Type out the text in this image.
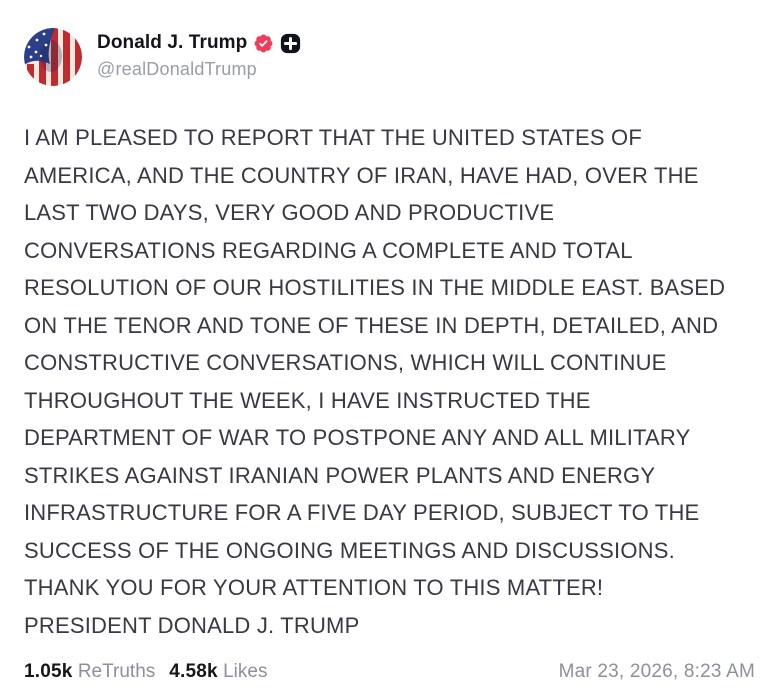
Donald J. Trump
@realDonaldTrump
I AM PLEASED TO REPORT THAT THE UNITED STATES OF
AMERICA, AND THE COUNTRY OF IRAN, HAVE HAD, OVER THE
LAST TWO DAYS, VERY GOOD AND PRODUCTIVE
CONVERSATIONS REGARDING A COMPLETE AND TOTAL
RESOLUTION OF OUR HOSTILITIES IN THE MIDDLE EAST. BASED
ON THE TENOR AND TONE OF THESE IN DEPTH, DETAILED, AND
CONSTRUCTIVE CONVERSATIONS, WHICH WILL CONTINUE
THROUGHOUT THE WEEK, I HAVE INSTRUCTED THE
DEPARTMENT OF WAR TO POSTPONE ANY AND ALL MILITARY
STRIKES AGAINST IRANIAN POWER PLANTS AND ENERGY
INFRASTRUCTURE FOR A FIVE DAY PERIOD, SUBJECT TO THE
SUCCESS OF THE ONGOING MEETINGS AND DISCUSSIONS.
THANK YOU FOR YOUR ATTENTION TO THIS MATTER!
PRESIDENT DONALD J. TRUMP
1.05k ReTruths 4.58k Likes	Mar 23, 2026, 8:23 AM
